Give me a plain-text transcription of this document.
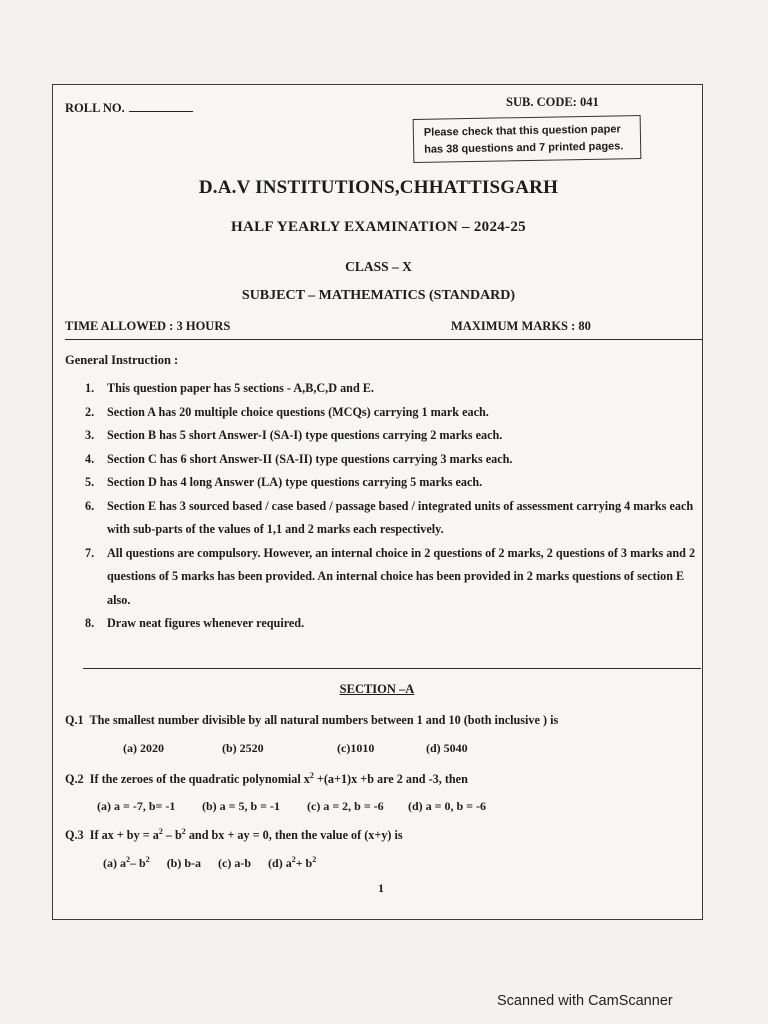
ROLL NO.	SUB. CODE: 041
Please check that this question paper has 38 questions and 7 printed pages.
D.A.V INSTITUTIONS,CHHATTISGARH
HALF YEARLY EXAMINATION – 2024-25
CLASS – X
SUBJECT – MATHEMATICS (STANDARD)
TIME ALLOWED : 3 HOURS	MAXIMUM MARKS : 80
General Instruction :
1. This question paper has 5 sections - A,B,C,D and E.
2. Section A has 20 multiple choice questions (MCQs) carrying 1 mark each.
3. Section B has 5 short Answer-I (SA-I) type questions carrying 2 marks each.
4. Section C has 6 short Answer-II (SA-II) type questions carrying 3 marks each.
5. Section D has 4 long Answer (LA) type questions carrying 5 marks each.
6. Section E has 3 sourced based / case based / passage based / integrated units of assessment carrying 4 marks each with sub-parts of the values of 1,1 and 2 marks each respectively.
7. All questions are compulsory. However, an internal choice in 2 questions of 2 marks, 2 questions of 3 marks and 2 questions of 5 marks has been provided. An internal choice has been provided in 2 marks questions of section E also.
8. Draw neat figures whenever required.
SECTION –A
Q.1 The smallest number divisible by all natural numbers between 1 and 10 (both inclusive ) is
(a) 2020	(b) 2520	(c)1010	(d) 5040
Q.2 If the zeroes of the quadratic polynomial $x^2 +(a+1)x +b$ are 2 and -3, then
(a) a = -7, b= -1 (b) a = 5, b = -1 (c) a = 2, b = -6 (d) a = 0, b = -6
Q.3 If ax + by = $a^2 - b^2$ and bx + ay = 0, then the value of (x+y) is
(a) $a^2-$ $b^2$ (b) b-a (c) a-b (d) $a^2+ b^2$
1
Scanned with CamScanner
